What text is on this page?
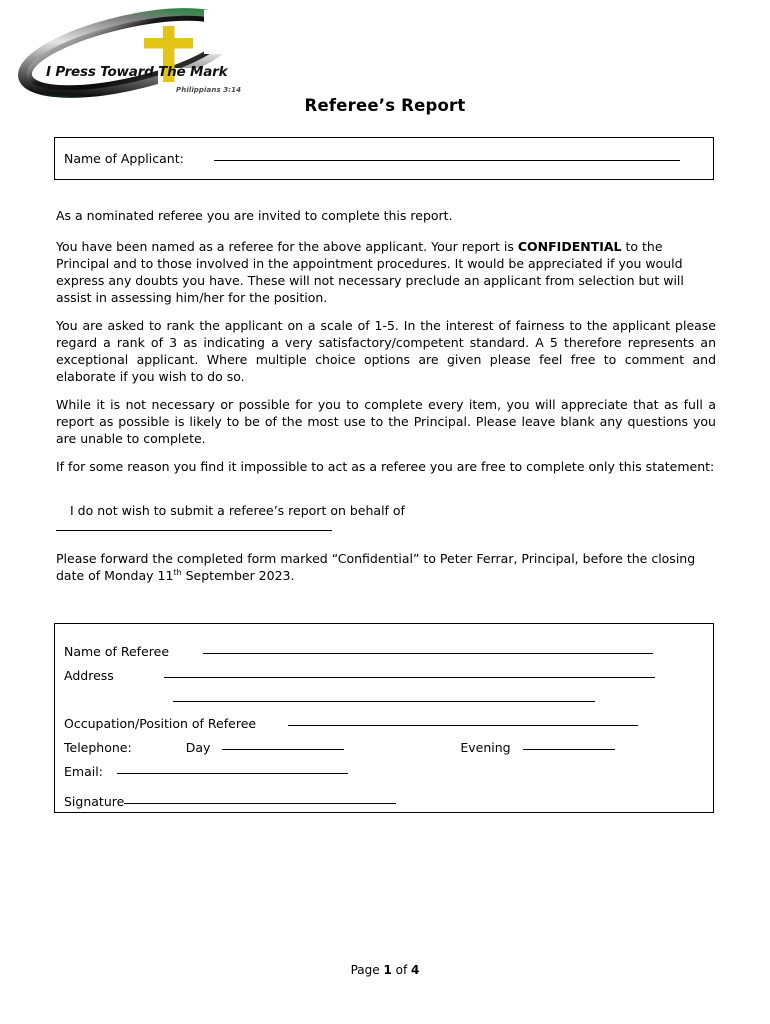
I Press Toward The Mark
Philippians 3:14
Referee’s Report
Name of Applicant:
As a nominated referee you are invited to complete this report.
You have been named as a referee for the above applicant. Your report is CONFIDENTIAL to the Principal and to those involved in the appointment procedures. It would be appreciated if you would express any doubts you have. These will not necessary preclude an applicant from selection but will assist in assessing him/her for the position.
You are asked to rank the applicant on a scale of 1-5. In the interest of fairness to the applicant please regard a rank of 3 as indicating a very satisfactory/competent standard. A 5 therefore represents an exceptional applicant. Where multiple choice options are given please feel free to comment and elaborate if you wish to do so.
While it is not necessary or possible for you to complete every item, you will appreciate that as full a report as possible is likely to be of the most use to the Principal. Please leave blank any questions you are unable to complete.
If for some reason you find it impossible to act as a referee you are free to complete only this statement:
I do not wish to submit a referee’s report on behalf of
Please forward the completed form marked “Confidential” to Peter Ferrar, Principal, before the closing date of Monday 11th September 2023.
Name of Referee
Address
Occupation/Position of Referee
Telephone:	Day	Evening
Email:
Signature
Page 1 of 4
